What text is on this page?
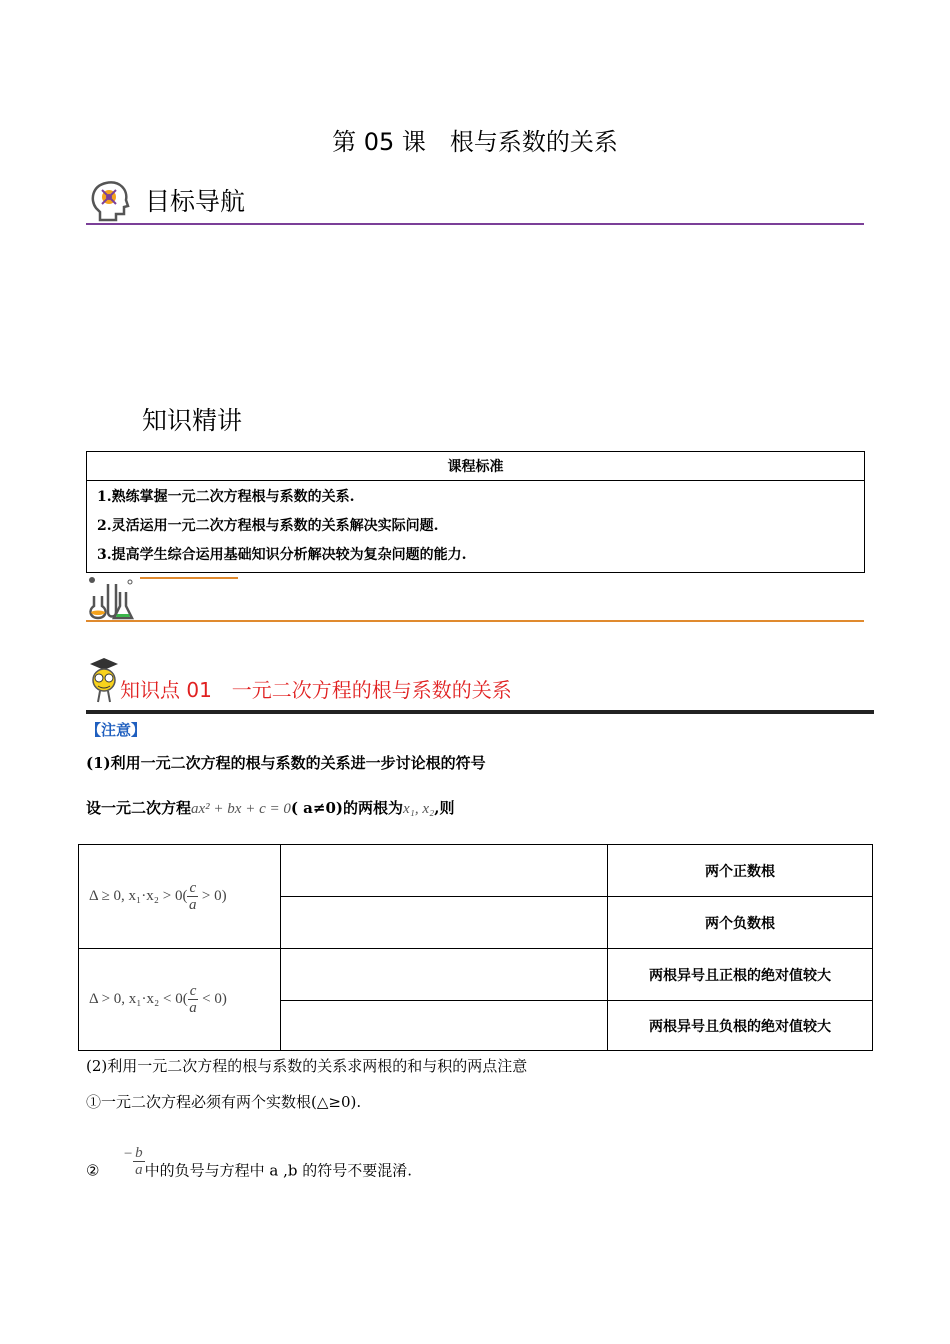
第 05 课　根与系数的关系
目标导航
知识精讲
课程标准

1.熟练掌握一元二次方程根与系数的关系.
2.灵活运用一元二次方程根与系数的关系解决实际问题.
3.提高学生综合运用基础知识分析解决较为复杂问题的能力.
知识点 01　一元二次方程的根与系数的关系
【注意】
(1)利用一元二次方程的根与系数的关系进一步讨论根的符号
设一元二次方程ax² + bx + c = 0( a≠0)的两根为x₁, x₂,则
Δ ≥ 0, $x_1\cdot x_2 > 0( \frac{c}{a} > 0)$		两个正数根
		两个负数根
Δ > 0, $x_1\cdot x_2 < 0( \frac{c}{a} < 0)$		两根异号且正根的绝对值较大
		两根异号且负根的绝对值较大
(2)利用一元二次方程的根与系数的关系求两根的和与积的两点注意
①一元二次方程必须有两个实数根(△≥0).
②  − $\frac{b}{a}$ 中的负号与方程中 a ,b 的符号不要混淆.
